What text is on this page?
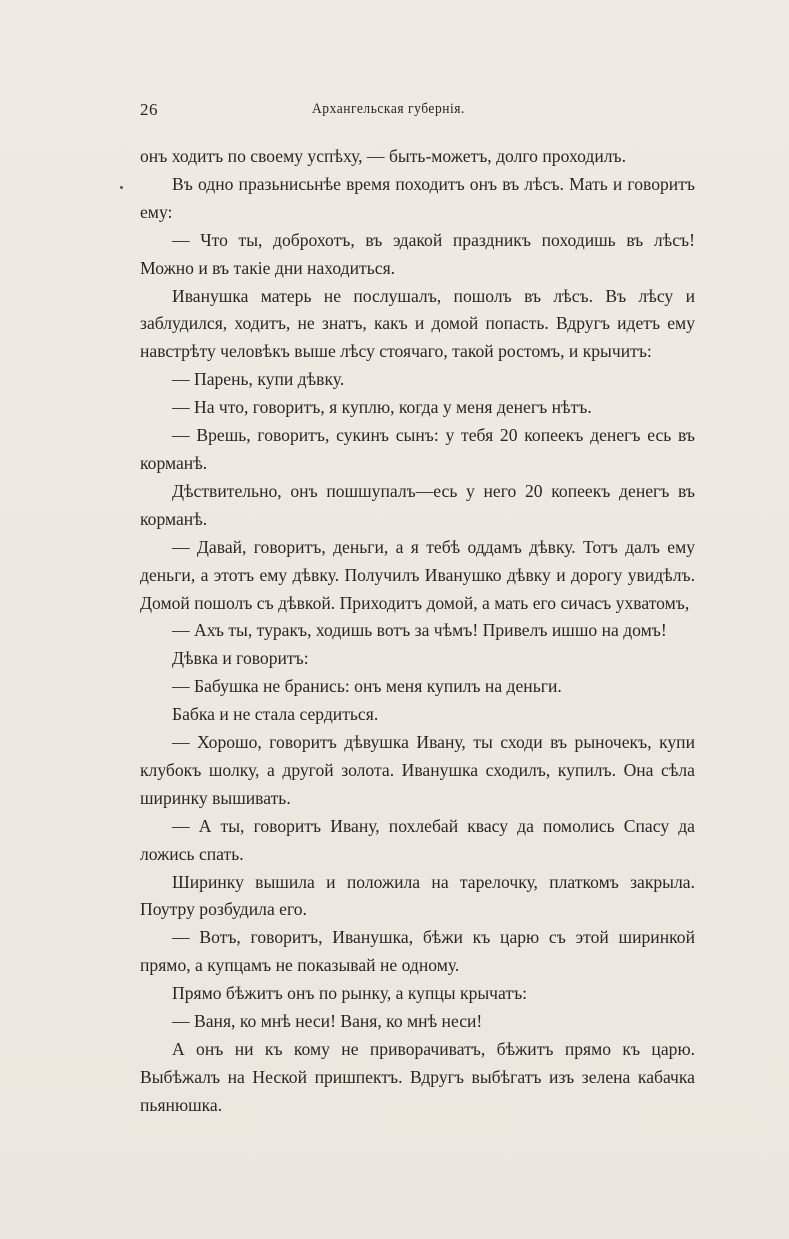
26	Архангельская губернія.

онъ ходитъ по своему успѣху, — быть-можетъ, долго проходилъ.

Въ одно празьнисьнѣе время походитъ онъ въ лѣсъ. Мать и говоритъ ему:

— Что ты, доброхотъ, въ эдакой праздникъ походишь въ лѣсъ! Можно и въ такіе дни находиться.

Иванушка матерь не послушалъ, пошолъ въ лѣсъ. Въ лѣсу и заблудился, ходитъ, не знатъ, какъ и домой попасть. Вдругъ идетъ ему навстрѣту человѣкъ выше лѣсу стоячаго, такой ростомъ, и крычитъ:

— Парень, купи дѣвку.

— На что, говоритъ, я куплю, когда у меня денегъ нѣтъ.

— Врешь, говоритъ, сукинъ сынъ: у тебя 20 копеекъ денегъ есь въ корманѣ.

Дѣствительно, онъ пошшупалъ—есь у него 20 копеекъ денегъ въ корманѣ.

— Давай, говоритъ, деньги, а я тебѣ оддамъ дѣвку. Тотъ далъ ему деньги, а этотъ ему дѣвку. Получилъ Иванушко дѣвку и дорогу увидѣлъ. Домой пошолъ съ дѣвкой. Приходитъ домой, а мать его сичасъ ухватомъ,

— Ахъ ты, туракъ, ходишь вотъ за чѣмъ! Привелъ ишшо на домъ!

Дѣвка и говоритъ:

— Бабушка не бранись: онъ меня купилъ на деньги.

Бабка и не стала сердиться.

— Хорошо, говоритъ дѣвушка Ивану, ты сходи въ рыночекъ, купи клубокъ шолку, а другой золота. Иванушка сходилъ, купилъ. Она сѣла ширинку вышивать.

— А ты, говоритъ Ивану, похлебай квасу да помолись Спасу да ложись спать.

Ширинку вышила и положила на тарелочку, платкомъ закрыла. Поутру розбудила его.

— Вотъ, говоритъ, Иванушка, бѣжи къ царю съ этой ширинкой прямо, а купцамъ не показывай не одному.

Прямо бѣжитъ онъ по рынку, а купцы крычатъ:

— Ваня, ко мнѣ неси! Ваня, ко мнѣ неси!

А онъ ни къ кому не приворачиватъ, бѣжитъ прямо къ царю. Выбѣжалъ на Неской пришпектъ. Вдругъ выбѣгатъ изъ зелена кабачка пьянюшка.
